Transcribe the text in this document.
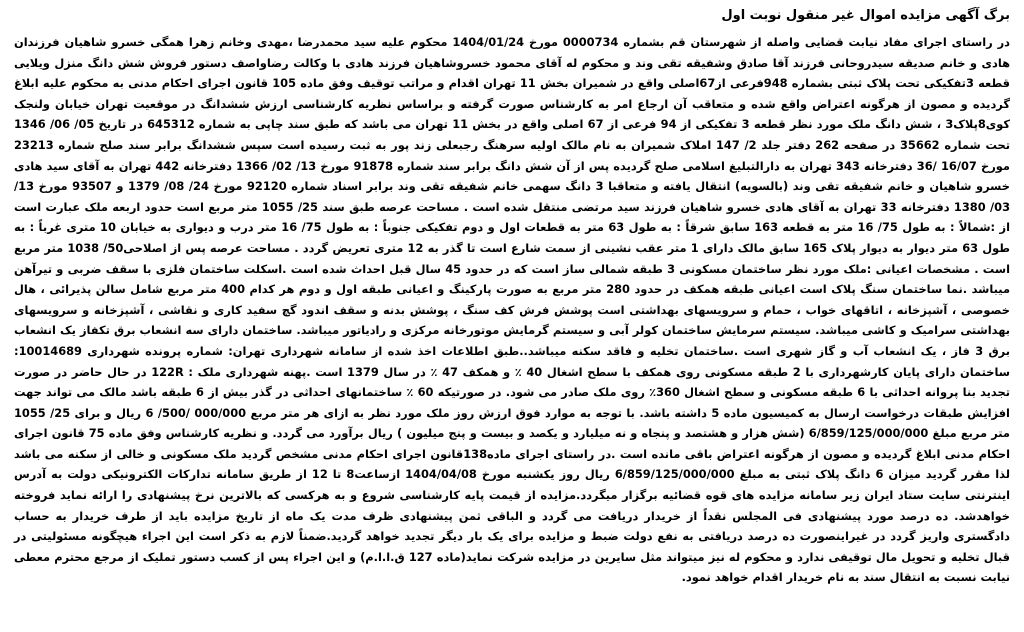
برگ آگهی مزایده اموال غیر منقول نوبت اول

در راستای اجرای مفاد نیابت قضایی واصله از شهرستان قم بشماره 0000734 مورخ 1404/01/24 محکوم علیه سید محمدرضا ،مهدی وخانم زهرا همگی خسرو شاهیان فرزندان هادی و خانم صدیقه سیدروحانی فرزند آقا صادق وشفیقه تقی وند و محکوم له آقای محمود خسروشاهیان فرزند هادی با وکالت رضاواصف دستور فروش شش دانگ منزل ویلایی قطعه 3تفکیکی تحت پلاک ثبتی بشماره 948فرعی از67اصلی واقع در شمیران بخش 11 تهران اقدام و مراتب توقیف وفق ماده 105 قانون اجرای احکام مدنی به محکوم علیه ابلاغ گردیده و مصون از هرگونه اعتراض واقع شده و متعاقب آن ارجاع امر به کارشناس صورت گرفته و براساس نظریه کارشناسی ارزش ششدانگ در موقعیت تهران خیابان ولنجک کوی8پلاک3 ، شش دانگ ملک مورد نظر قطعه 3 تفکیکی از 94 فرعی از 67 اصلی واقع در بخش 11 تهران می باشد که طبق سند چاپی به شماره 645312 در تاریخ 05/ 06/ 1346 تحت شماره 35662 در صفحه 262 دفتر جلد 2/ 147 املاک شمیران به نام مالک اولیه سرهنگ رجبعلی زند پور به ثبت رسیده است سپس ششدانگ برابر سند صلح شماره 23213 مورخ 16/07 /36 دفترخانه 343 تهران به دارالتبلیغ اسلامی صلح گردیده پس از آن شش دانگ برابر سند شماره 91878 مورخ 13/ 02/ 1366 دفترخانه 442 تهران به آقای سید هادی خسرو شاهیان و خانم شفیقه تقی وند (بالسویه) انتقال یافته و متعاقبا 3 دانگ سهمی خانم شفیقه تقی وند برابر اسناد شماره 92120 مورخ 24/ 08/ 1379 و 93507 مورخ 13/ 03/ 1380 دفترخانه 33 تهران به آقای هادی خسرو شاهیان فرزند سید مرتضی منتقل شده است . مساحت عرصه طبق سند 25/ 1055 متر مربع است حدود اربعه ملک عبارت است از :شمالاً : به طول 75/ 16 متر به قطعه 163 سابق شرقاً : به طول 63 متر به قطعات اول و دوم تفکیکی جنوباً : به طول 75/ 16 متر درب و دیواری به خیابان 10 متری غرباً : به طول 63 متر دیوار به دیوار پلاک 165 سابق مالک دارای 1 متر عقب نشینی از سمت شارع است تا گذر به 12 متری تعریض گردد . مساحت عرصه پس از اصلاحی50/ 1038 متر مربع است . مشخصات اعیانی :ملک مورد نظر ساختمان مسکونی 3 طبقه شمالی ساز است که در حدود 45 سال قبل احداث شده است .اسکلت ساختمان فلزی با سقف ضربی و تیرآهن میباشد .نما ساختمان سنگ پلاک است اعیانی طبقه همکف در حدود 280 متر مربع به صورت پارکینگ و اعیانی طبقه اول و دوم هر کدام 400 متر مربع شامل سالن پذیرائی ، هال خصوصی ، آشپزخانه ، اتاقهای خواب ، حمام و سرویسهای بهداشتی است پوشش فرش کف سنگ ، پوشش بدنه و سقف اندود گچ سفید کاری و نقاشی ، آشپزخانه و سرویسهای بهداشتی سرامیک و کاشی میباشد. سیستم سرمایش ساختمان کولر آبی و سیستم گرمایش موتورخانه مرکزی و رادیاتور میباشد. ساختمان دارای سه انشعاب برق تکفاز یک انشعاب برق 3 فاز ، یک انشعاب آب و گاز شهری است .ساختمان تخلیه و فاقد سکنه میباشد..طبق اطلاعات اخذ شده از سامانه شهرداری تهران: شماره پرونده شهرداری 10014689: ساختمان دارای پایان کارشهرداری با 2 طبقه مسکونی روی همکف با سطح اشغال 40 ٪ و همکف 47 ٪ در سال 1379 است .پهنه شهرداری ملک : 122R در حال حاضر در صورت تجدید بنا پروانه احداثی با 6 طبقه مسکونی و سطح اشغال 360٪ روی ملک صادر می شود. در صورتیکه 60 ٪ ساختمانهای احداثی در گذر بیش از 6 طبقه باشد مالک می تواند جهت افزایش طبقات درخواست ارسال به کمیسیون ماده 5 داشته باشد. با توجه به موارد فوق ارزش روز ملک مورد نظر به ازای هر متر مربع 000/000 /500/ 6 ریال و برای 25/ 1055 متر مربع مبلغ 6/859/125/000/000 (شش هزار و هشتصد و پنجاه و نه میلیارد و یکصد و بیست و پنج میلیون ) ریال برآورد می گردد. و نظریه کارشناس وفق ماده 75 قانون اجرای احکام مدنی ابلاغ گردیده و مصون از هرگونه اعتراض باقی مانده است .در راستای اجرای ماده138قانون اجرای احکام مدنی مشخص گردید ملک مسکونی و خالی از سکنه می باشد لذا مقرر گردید میزان 6 دانگ پلاک ثبتی به مبلغ 6/859/125/000/000 ریال روز یکشنبه مورخ 1404/04/08 ازساعت8 تا 12 از طریق سامانه تدارکات الکترونیکی دولت به آدرس اینترنتی سایت ستاد ایران زیر سامانه مزایده های قوه قضائیه برگزار میگردد.مزایده از قیمت پایه کارشناسی شروع و به هرکسی که بالاترین نرخ پیشنهادی را ارائه نماید فروخته خواهدشد. ده درصد مورد پیشنهادی فی المجلس نقداً از خریدار دریافت می گردد و الباقی ثمن پیشنهادی ظرف مدت یک ماه از تاریخ مزایده باید از طرف خریدار به حساب دادگستری واریز گردد در غیراینصورت ده درصد دریافتی به نفع دولت ضبط و مزایده برای یک بار دیگر تجدید خواهد گردید.ضمناً لازم به ذکر است این اجراء هیچگونه مسئولیتی در قبال تخلیه و تحویل مال توقیفی ندارد و محکوم له نیز میتواند مثل سایرین در مزایده شرکت نماید(ماده 127 ق.ا.ا.م) و این اجراء پس از کسب دستور تملیک از مرجع محترم معطی نیابت نسبت به انتقال سند به نام خریدار اقدام خواهد نمود.
